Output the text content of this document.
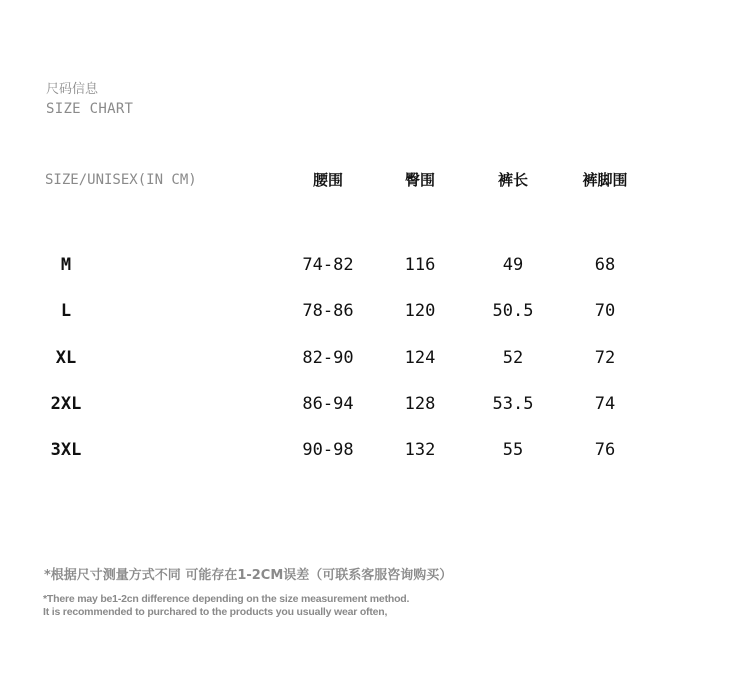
尺码信息
SIZE CHART
SIZE/UNISEX(IN CM)	腰围	臀围	裤长	裤脚围
M	74-82	116	49	68
L	78-86	120	50.5	70
XL	82-90	124	52	72
2XL	86-94	128	53.5	74
3XL	90-98	132	55	76
*根据尺寸测量方式不同 可能存在1-2CM误差（可联系客服咨询购买）
*There may be1-2cn difference depending on the size measurement method.
It is recommended to purchared to the products you usually wear often,
